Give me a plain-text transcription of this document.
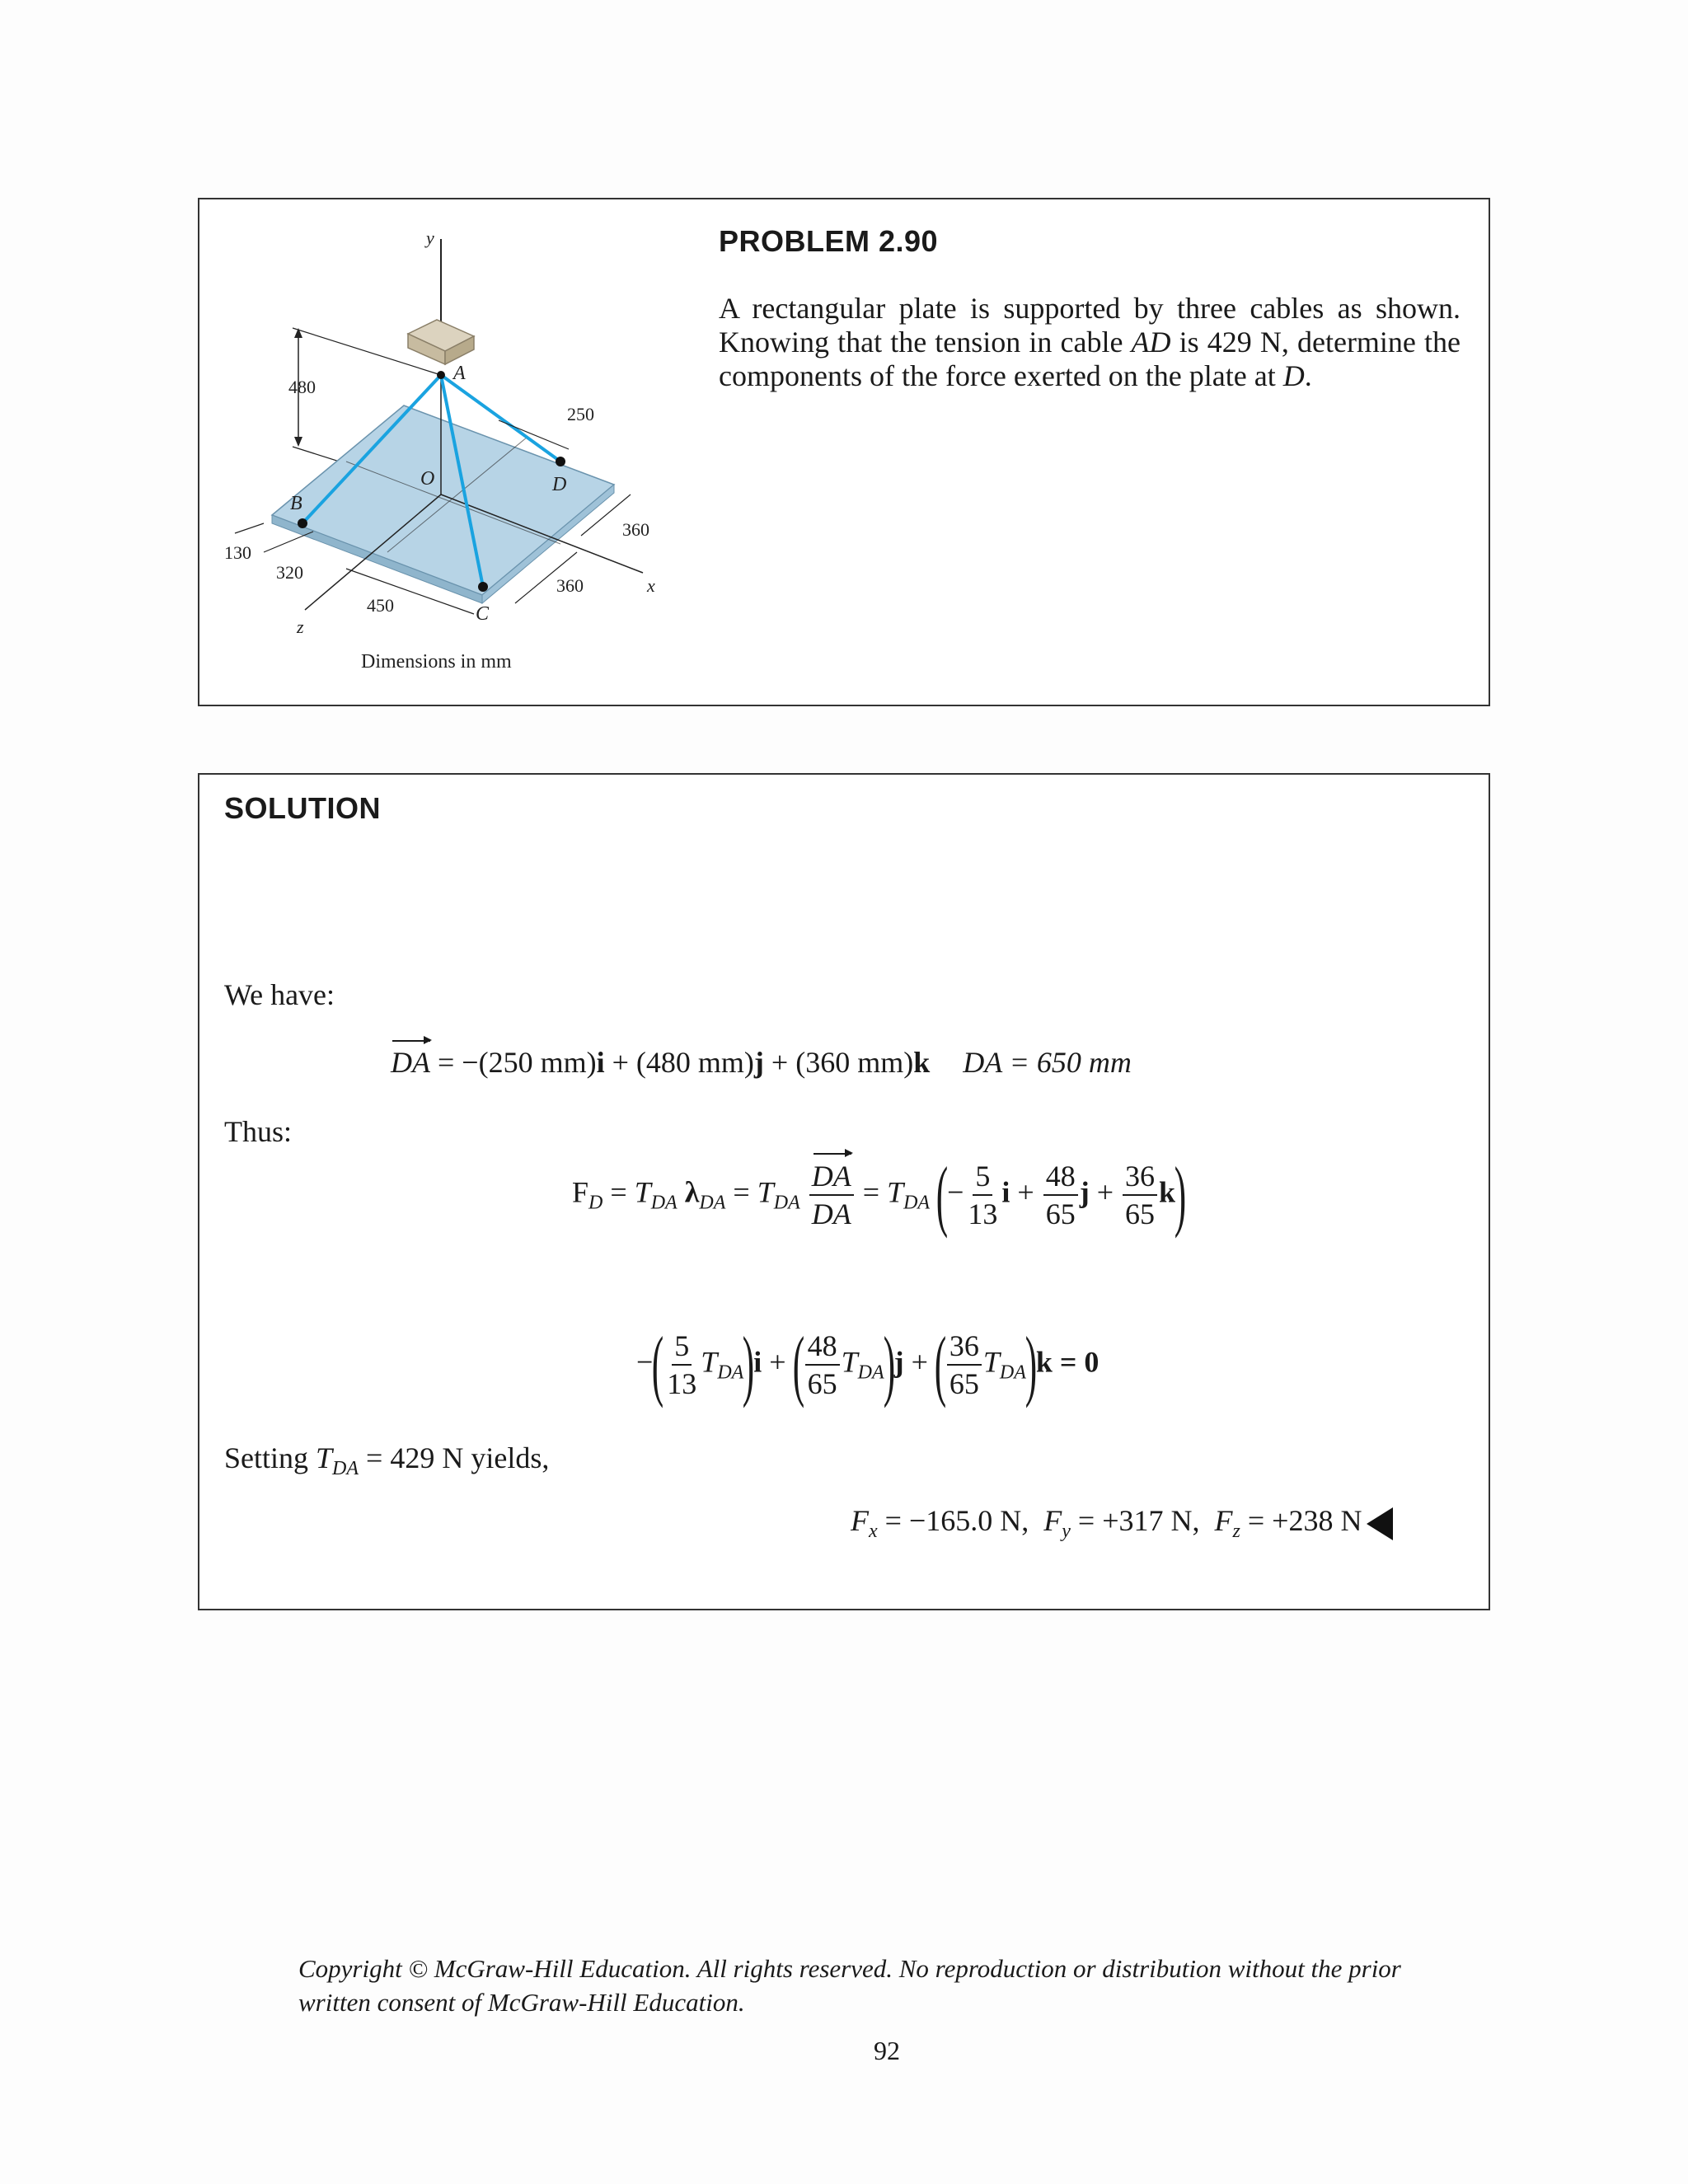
PROBLEM 2.90
A rectangular plate is supported by three cables as shown. Knowing that the tension in cable AD is 429 N, determine the components of the force exerted on the plate at D.
y
A
B
C
D
O
480
250
360
360
130
320
450
x
z
Dimensions in mm
SOLUTION
We have:
DA = −(250 mm)i + (480 mm)j + (360 mm)k DA = 650 mm
Thus:
$F_D = T_{DA}$ $\lambda_{DA} = T_{DA} \frac{DA}{DA} = T_{DA}$ (− $\frac{5}{13}$ $i + \frac{48}{65}$ $j + \frac{36}{65} k$)
−( $\frac{5}{13} T_{DA})i$ + ( $\frac{48}{65} T_{DA})j$ + ( $\frac{36}{65} T_{DA})k = 0$
Setting $T_{DA} = 429$ N yields,
$F_x = -165.0$ N, $F_y = +317$ N, $F_z = +238$ N
Copyright © McGraw-Hill Education. All rights reserved. No reproduction or distribution without the prior written consent of McGraw-Hill Education.
92
